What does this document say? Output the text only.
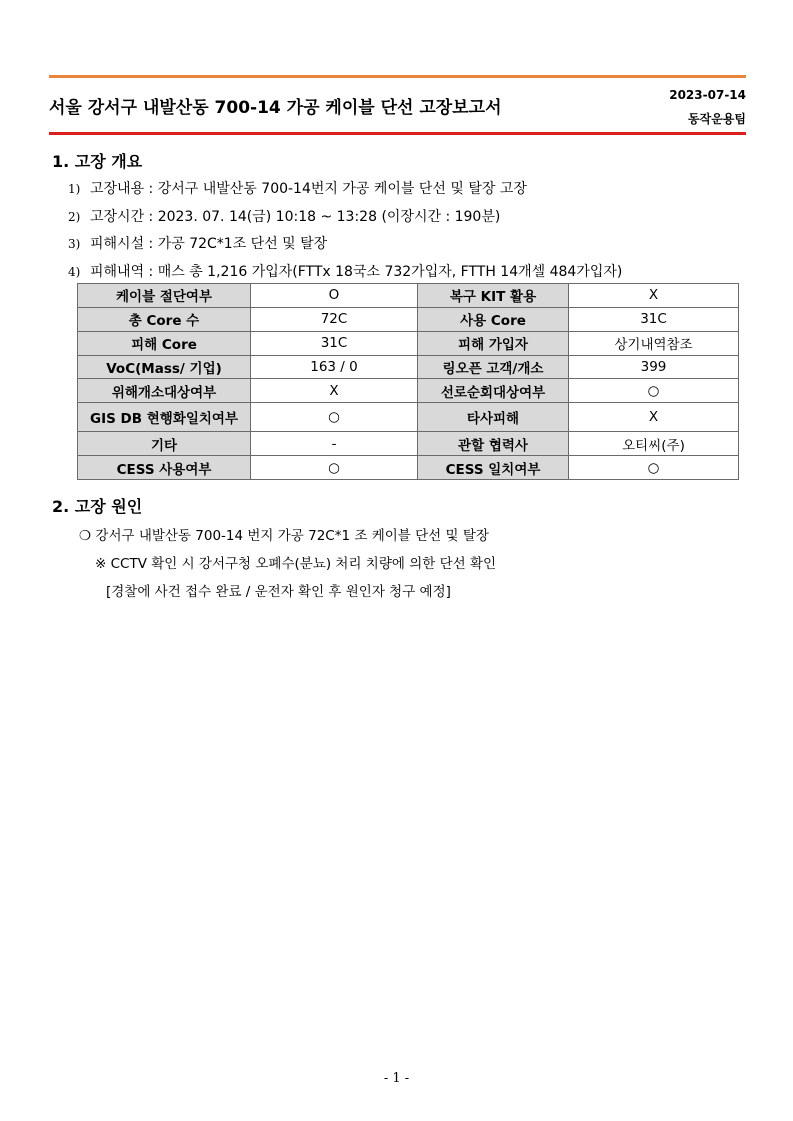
서울 강서구 내발산동 700-14 가공 케이블 단선 고장보고서
2023-07-14
동작운용팀
1. 고장 개요
1) 고장내용 : 강서구 내발산동 700-14번지 가공 케이블 단선 및 탈장 고장
2) 고장시간 : 2023. 07. 14(금) 10:18 ~ 13:28 (이장시간 : 190분)
3) 피해시설 : 가공 72C*1조 단선 및 탈장
4) 피해내역 : 매스 총 1,216 가입자(FTTx 18국소 732가입자, FTTH 14개셀 484가입자)
케이블 절단여부	O	복구 KIT 활용	X
총 Core 수	72C	사용 Core	31C
피해 Core	31C	피해 가입자	상기내역참조
VoC(Mass/ 기업)	163 / 0	링오픈 고객/개소	399
위해개소대상여부	X	선로순회대상여부	○
GIS DB 현행화일치여부	○	타사피해	X
기타	-	관할 협력사	오티씨(주)
CESS 사용여부	○	CESS 일치여부	○
2. 고장 원인
❍ 강서구 내발산동 700-14 번지 가공 72C*1 조 케이블 단선 및 탈장
※ CCTV 확인 시 강서구청 오폐수(분뇨) 처리 치량에 의한 단선 확인
[경찰에 사건 접수 완료 / 운전자 확인 후 원인자 청구 예정]
- 1 -
